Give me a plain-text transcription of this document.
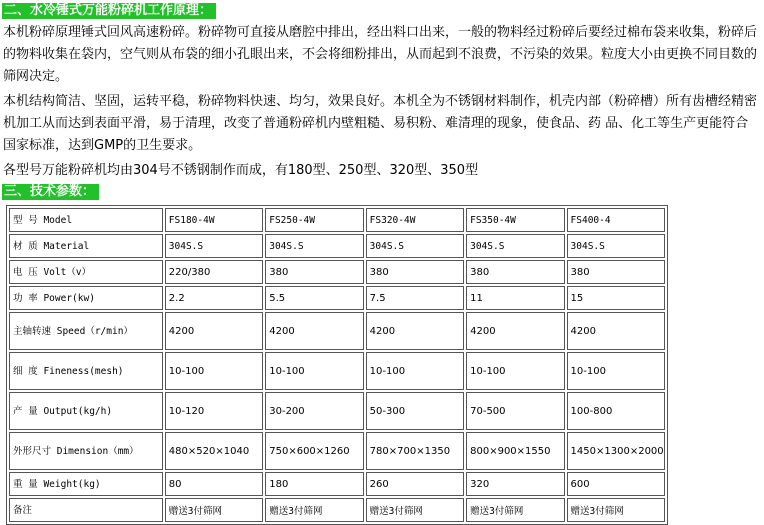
二、水冷锤式万能粉碎机工作原理：

本机粉碎原理锤式回风高速粉碎。粉碎物可直接从磨腔中排出，经出料口出来，一般的物料经过粉碎后要经过棉布袋来收集，粉碎后的物料收集在袋内，空气则从布袋的细小孔眼出来，不会将细粉排出，从而起到不浪费，不污染的效果。粒度大小由更换不同目数的筛网决定。

本机结构简洁、坚固，运转平稳，粉碎物料快速、均匀，效果良好。本机全为不锈钢材料制作，机壳内部（粉碎槽）所有齿槽经精密机加工从而达到表面平滑，易于清理，改变了普通粉碎机内壁粗糙、易积粉、难清理的现象，使食品、药 品、化工等生产更能符合国家标准，达到GMP的卫生要求。

各型号万能粉碎机均由304号不锈钢制作而成，有180型、250型、320型、350型

三、技术参数：
型 号 Model	FS180-4W	FS250-4W	FS320-4W	FS350-4W	FS400-4
材 质 Material	304S.S	304S.S	304S.S	304S.S	304S.S
电 压 Volt（v）	220/380	380	380	380	380
功 率 Power(kw)	2.2	5.5	7.5	11	15
主轴转速 Speed（r/min）	4200	4200	4200	4200	4200
细 度 Fineness(mesh)	10-100	10-100	10-100	10-100	10-100
产 量 Output(kg/h)	10-120	30-200	50-300	70-500	100-800
外形尺寸 Dimension（mm）	480×520×1040	750×600×1260	780×700×1350	800×900×1550	1450×1300×2000
重 量 Weight(kg)	80	180	260	320	600
备注	赠送3付筛网	赠送3付筛网	赠送3付筛网	赠送3付筛网	赠送3付筛网
